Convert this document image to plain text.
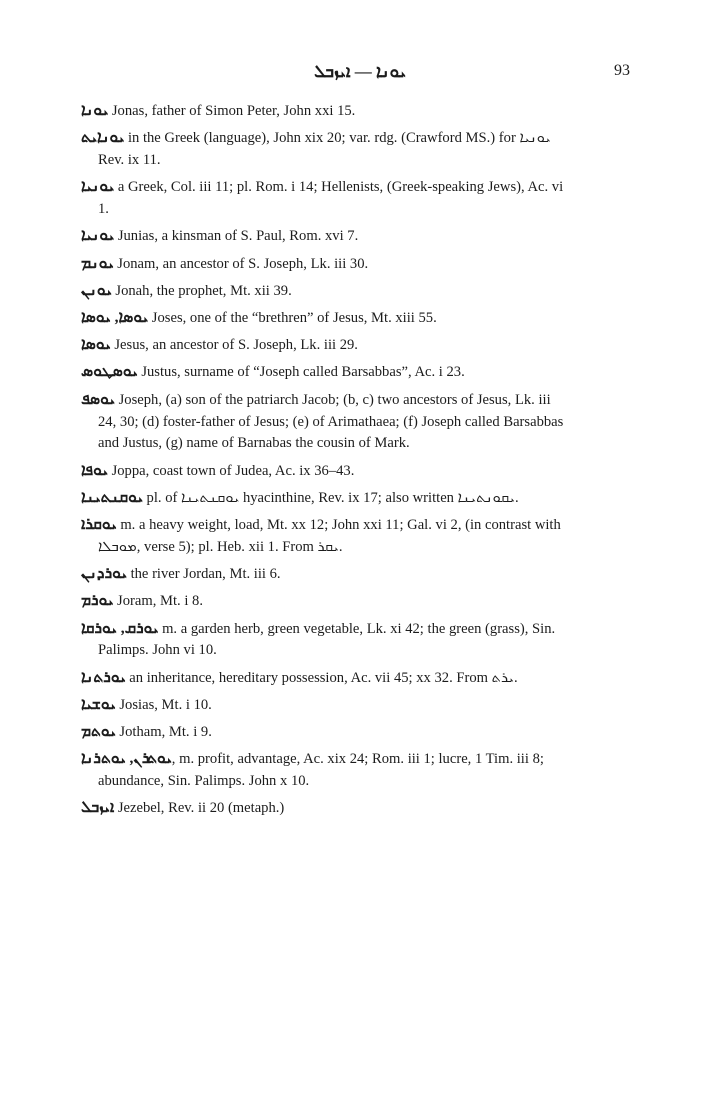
ܝܘܢܐ — ܐܝܙܒܠ	93

ܝܘܢܐ Jonas, father of Simon Peter, John xxi 15.

ܝܘܢܐܝܬ in the Greek (language), John xix 20; var. rdg. (Crawford MS.) for ܝܘܢܝܐ Rev. ix 11.

ܝܘܢܝܐ a Greek, Col. iii 11; pl. Rom. i 14; Hellenists, (Greek-speaking Jews), Ac. vi 1.

ܝܘܢܝܐ Junias, a kinsman of S. Paul, Rom. xvi 7.

ܝܘܢܡ Jonam, an ancestor of S. Joseph, Lk. iii 30.

ܝܘܢܢ Jonah, the prophet, Mt. xii 39.

ܝܘܣܐ, ܝܘܣܐ Joses, one of the “brethren” of Jesus, Mt. xiii 55.

ܝܘܣܐ Jesus, an ancestor of S. Joseph, Lk. iii 29.

ܝܘܣܛܘܣ Justus, surname of “Joseph called Barsabbas”, Ac. i 23.

ܝܘܣܦ Joseph, (a) son of the patriarch Jacob; (b, c) two ancestors of Jesus, Lk. iii 24, 30; (d) foster-father of Jesus; (e) of Arimathaea; (f) Joseph called Barsabbas and Justus, (g) name of Barnabas the cousin of Mark.

ܝܘܦܐ Joppa, coast town of Judea, Ac. ix 36–43.

ܝܘܩܢܬܝܢܐ pl. of ܝܘܩܢܬܝܢܐ hyacinthine, Rev. ix 17; also written ܝܩܘܢܬܝܢܐ.

ܝܘܩܪܐ m. a heavy weight, load, Mt. xx 12; John xxi 11; Gal. vi 2, (in contrast with ܡܘܒܠܐ, verse 5); pl. Heb. xii 1. From ܝܩܪ.

ܝܘܪܕܢܢ the river Jordan, Mt. iii 6.

ܝܘܪܡ Joram, Mt. i 8.

ܝܘܪܩ, ܝܘܪܩܐ m. a garden herb, green vegetable, Lk. xi 42; the green (grass), Sin. Palimps. John vi 10.

ܝܘܪܬܢܐ an inheritance, hereditary possession, Ac. vii 45; xx 32. From ܝܪܬ.

ܝܘܫܝܐ Josias, Mt. i 10.

ܝܘܬܡ Jotham, Mt. i 9.

ܝܘܬܪܢ, ܝܘܬܪܢܐ, m. profit, advantage, Ac. xix 24; Rom. iii 1; lucre, 1 Tim. iii 8; abundance, Sin. Palimps. John x 10.

ܐܝܙܒܠ Jezebel, Rev. ii 20 (metaph.)
